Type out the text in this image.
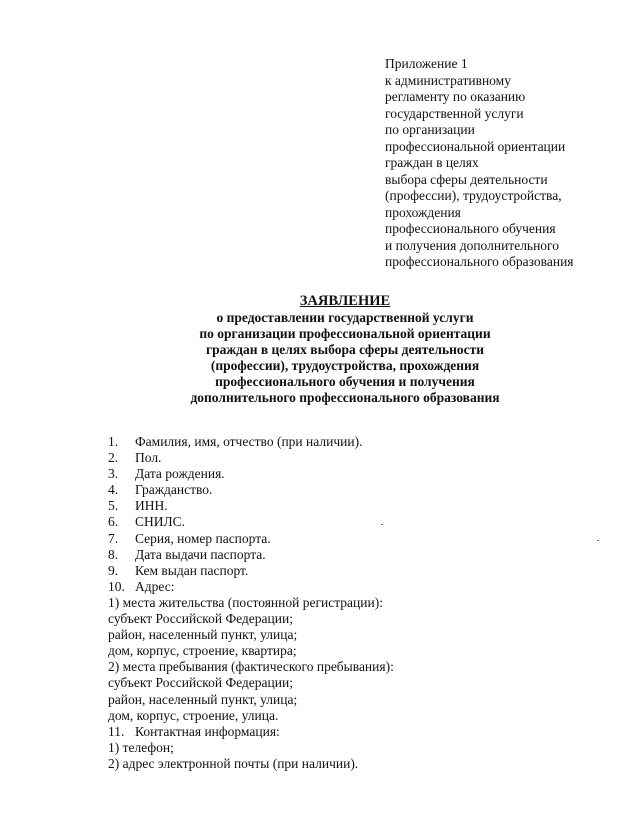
Приложение 1
к административному
регламенту по оказанию
государственной услуги
по организации
профессиональной ориентации
граждан в целях
выбора сферы деятельности
(профессии), трудоустройства,
прохождения
профессионального обучения
и получения дополнительного
профессионального образования
ЗАЯВЛЕНИЕ
о предоставлении государственной услуги
по организации профессиональной ориентации
граждан в целях выбора сферы деятельности
(профессии), трудоустройства, прохождения
профессионального обучения и получения
дополнительного профессионального образования
1.	Фамилия, имя, отчество (при наличии).
2.	Пол.
3.	Дата рождения.
4.	Гражданство.
5.	ИНН.
6.	СНИЛС.
7.	Серия, номер паспорта.
8.	Дата выдачи паспорта.
9.	Кем выдан паспорт.
10. Адрес:
1) места жительства (постоянной регистрации):
субъект Российской Федерации;
район, населенный пункт, улица;
дом, корпус, строение, квартира;
2) места пребывания (фактического пребывания):
субъект Российской Федерации;
район, населенный пункт, улица;
дом, корпус, строение, улица.
11. Контактная информация:
1) телефон;
2) адрес электронной почты (при наличии).
